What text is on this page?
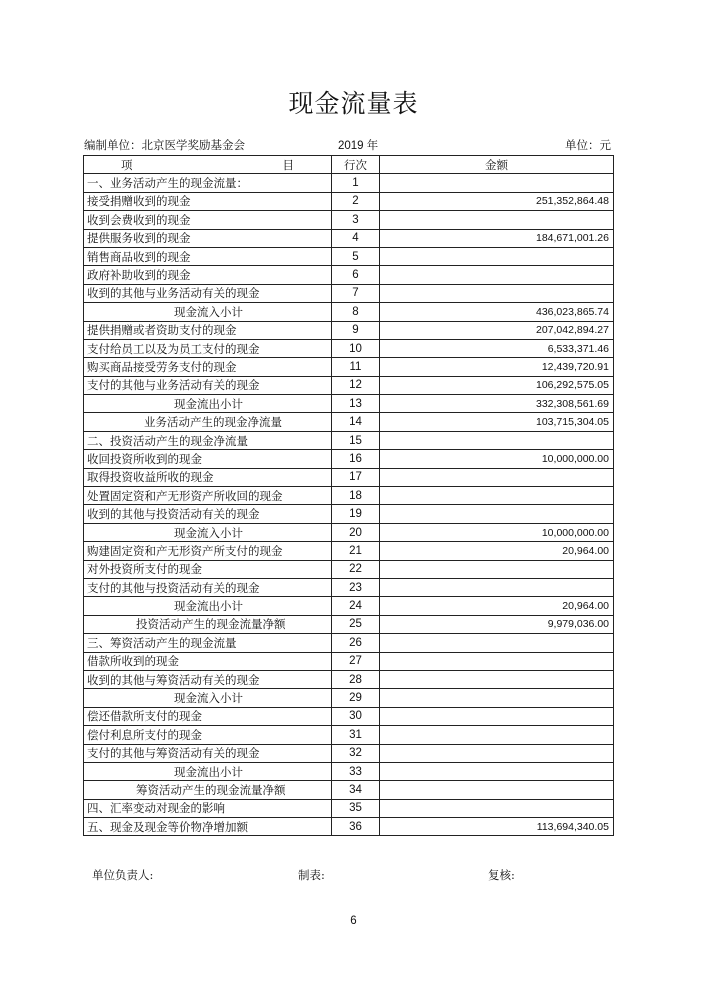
现金流量表
编制单位：北京医学奖励基金会	2019 年	单位：元
项 目	行次	金额
一、业务活动产生的现金流量：	1	
接受捐赠收到的现金	2	251,352,864.48
收到会费收到的现金	3	
提供服务收到的现金	4	184,671,001.26
销售商品收到的现金	5	
政府补助收到的现金	6	
收到的其他与业务活动有关的现金	7	
现金流入小计	8	436,023,865.74
提供捐赠或者资助支付的现金	9	207,042,894.27
支付给员工以及为员工支付的现金	10	6,533,371.46
购买商品接受劳务支付的现金	11	12,439,720.91
支付的其他与业务活动有关的现金	12	106,292,575.05
现金流出小计	13	332,308,561.69
业务活动产生的现金净流量	14	103,715,304.05
二、投资活动产生的现金净流量	15	
收回投资所收到的现金	16	10,000,000.00
取得投资收益所收的现金	17	
处置固定资和产无形资产所收回的现金	18	
收到的其他与投资活动有关的现金	19	
现金流入小计	20	10,000,000.00
购建固定资和产无形资产所支付的现金	21	20,964.00
对外投资所支付的现金	22	
支付的其他与投资活动有关的现金	23	
现金流出小计	24	20,964.00
投资活动产生的现金流量净额	25	9,979,036.00
三、筹资活动产生的现金流量	26	
借款所收到的现金	27	
收到的其他与筹资活动有关的现金	28	
现金流入小计	29	
偿还借款所支付的现金	30	
偿付利息所支付的现金	31	
支付的其他与筹资活动有关的现金	32	
现金流出小计	33	
筹资活动产生的现金流量净额	34	
四、汇率变动对现金的影响	35	
五、现金及现金等价物净增加额	36	113,694,340.05
单位负责人:	制表:	复核:
6
